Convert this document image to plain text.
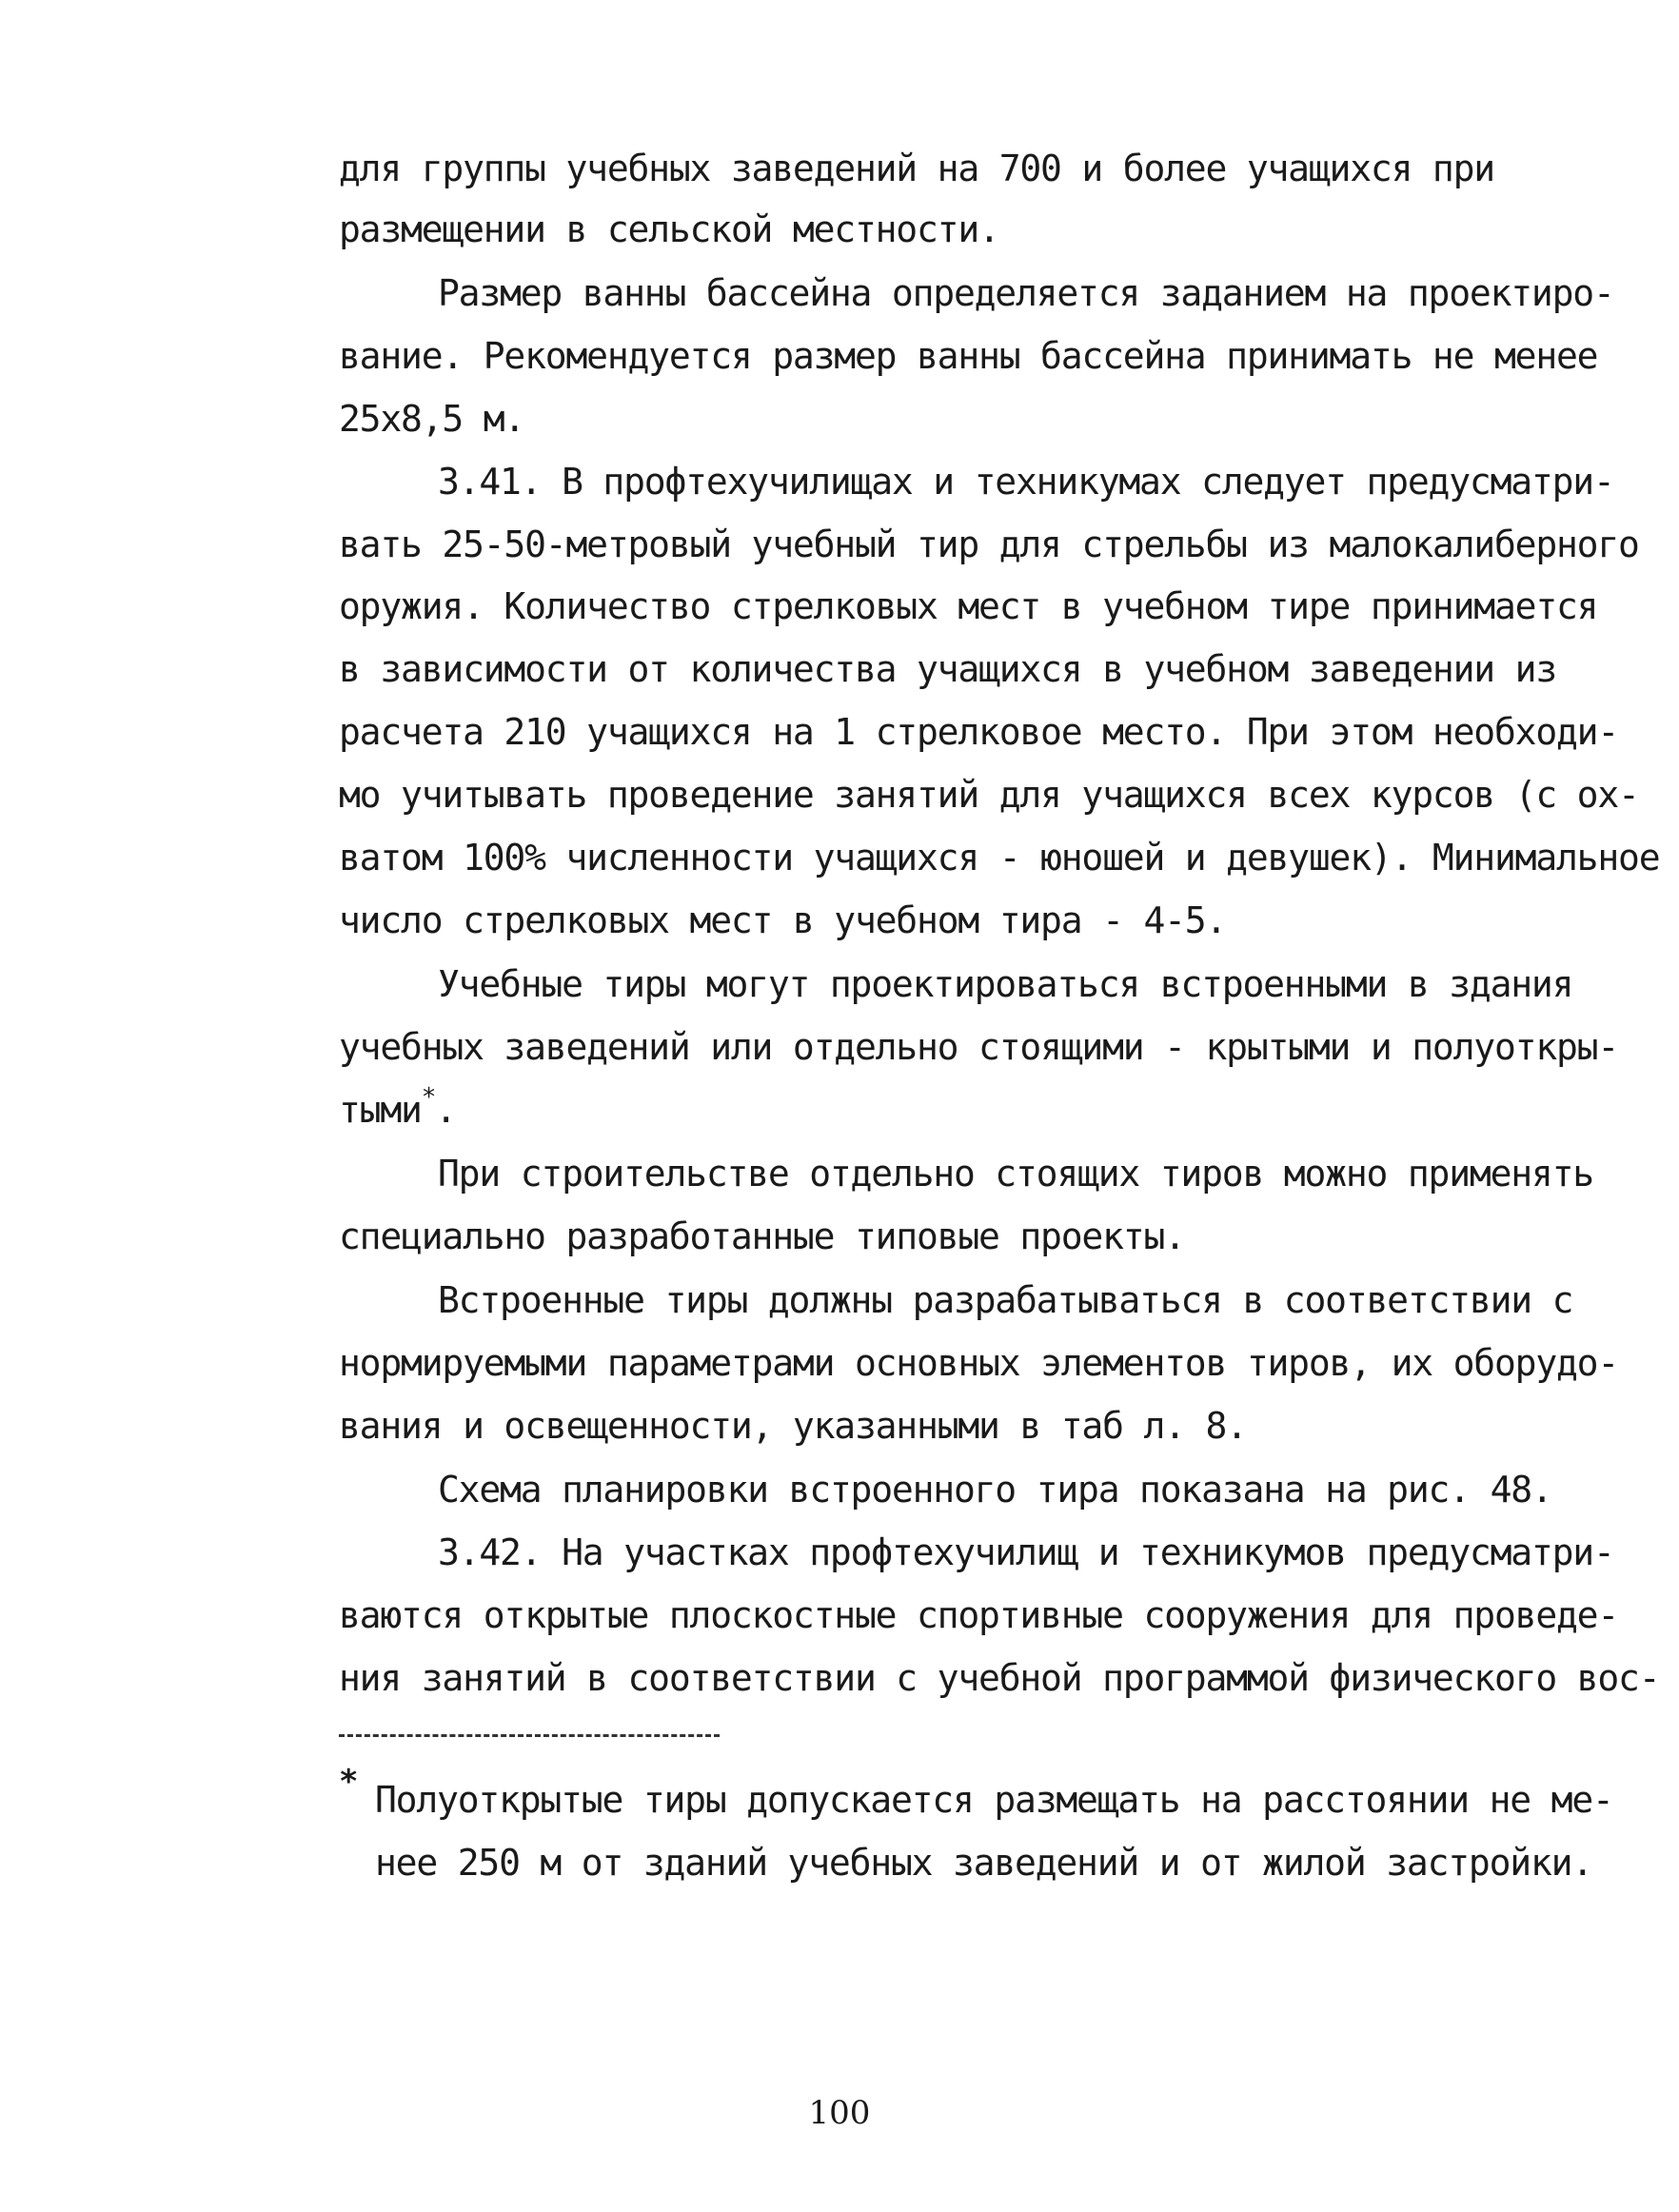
для группы учебных заведений на 700 и более учащихся при
размещении в сельской местности.
Размер ванны бассейна определяется заданием на проектиро-
вание. Рекомендуется размер ванны бассейна принимать не менее
25х8,5 м.
3.41. В профтехучилищах и техникумах следует предусматри-
вать 25-50-метровый учебный тир для стрельбы из малокалиберного
оружия. Количество стрелковых мест в учебном тире принимается
в зависимости от количества учащихся в учебном заведении из
расчета 210 учащихся на 1 стрелковое место. При этом необходи-
мо учитывать проведение занятий для учащихся всех курсов (с ох-
ватом 100% численности учащихся - юношей и девушек). Минимальное
число стрелковых мест в учебном тира - 4-5.
Учебные тиры могут проектироваться встроенными в здания
учебных заведений или отдельно стоящими - крытыми и полуоткры-
тыми*.
При строительстве отдельно стоящих тиров можно применять
специально разработанные типовые проекты.
Встроенные тиры должны разрабатываться в соответствии с
нормируемыми параметрами основных элементов тиров, их оборудо-
вания и освещенности, указанными в таб л. 8.
Схема планировки встроенного тира показана на рис. 48.
3.42. На участках профтехучилищ и техникумов предусматри-
ваются открытые плоскостные спортивные сооружения для проведе-
ния занятий в соответствии с учебной программой физического вос-
* Полуоткрытые тиры допускается размещать на расстоянии не ме-
нее 250 м от зданий учебных заведений и от жилой застройки.
100
